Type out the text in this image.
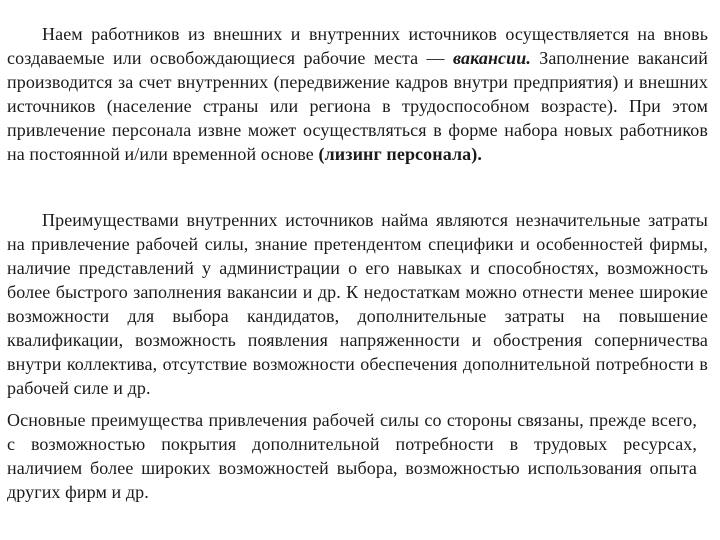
Наем работников из внешних и внутренних источников осуществляется на вновь создаваемые или освобождающиеся рабочие места — вакансии. Заполнение вакансий производится за счет внутренних (передвижение кадров внутри предприятия) и внешних источников (население страны или региона в трудоспособном возрасте). При этом привлечение персонала извне может осуществляться в форме набора новых работников на постоянной и/или временной основе (лизинг персонала).

Преимуществами внутренних источников найма являются незначительные затраты на привлечение рабочей силы, знание претендентом специфики и особенностей фирмы, наличие представлений у администрации о его навыках и способностях, возможность более быстрого заполнения вакансии и др. К недостаткам можно отнести менее широкие возможности для выбора кандидатов, дополнительные затраты на повышение квалификации, возможность появления напряженности и обострения соперничества внутри коллектива, отсутствие возможности обеспечения дополнительной потребности в рабочей силе и др.

Основные преимущества привлечения рабочей силы со стороны связаны, прежде всего, с возможностью покрытия дополнительной потребности в трудовых ресурсах, наличием более широких возможностей выбора, возможностью использования опыта других фирм и др.
